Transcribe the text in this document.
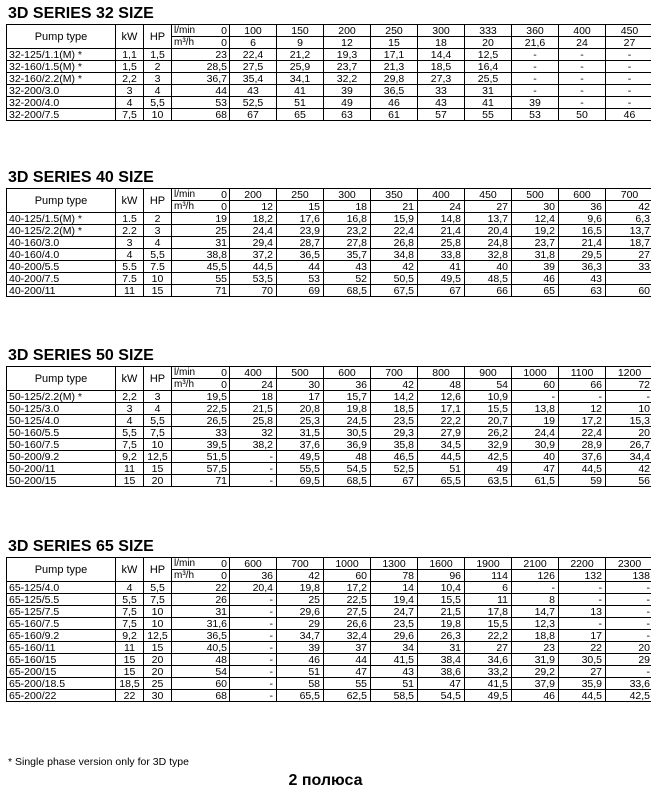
3D SERIES 32 SIZE
Pump type	kW	HP	l/min 0	100	150	200	250	300	333	360	400	450

			m³/h 0	6	9	12	15	18	20	21,6	24	27
32-125/1.1(M) *	1,1	1,5	23	22,4	21,2	19,3	17,1	14,4	12,5	-	-	-
32-160/1.5(M) *	1,5	2	28,5	27,5	25,9	23,7	21,3	18,5	16,4	-	-	-
32-160/2.2(M) *	2,2	3	36,7	35,4	34,1	32,2	29,8	27,3	25,5	-	-	-
32-200/3.0	3	4	44	43	41	39	36,5	33	31	-	-	-
32-200/4.0	4	5,5	53	52,5	51	49	46	43	41	39	-	-
32-200/7.5	7,5	10	68	67	65	63	61	57	55	53	50	46
3D SERIES 40 SIZE
Pump type	kW	HP	l/min 0	200	250	300	350	400	450	500	600	700

			m³/h 0	12	15	18	21	24	27	30	36	42
40-125/1.5(M) *	1.5	2	19	18,2	17,6	16,8	15,9	14,8	13,7	12,4	9,6	6,3
40-125/2.2(M) *	2.2	3	25	24,4	23,9	23,2	22,4	21,4	20,4	19,2	16,5	13,7
40-160/3.0	3	4	31	29,4	28,7	27,8	26,8	25,8	24,8	23,7	21,4	18,7
40-160/4.0	4	5,5	38,8	37,2	36,5	35,7	34,8	33,8	32,8	31,8	29,5	27
40-200/5.5	5.5	7.5	45,5	44,5	44	43	42	41	40	39	36,3	33
40-200/7.5	7.5	10	55	53,5	53	52	50,5	49,5	48,5	46	43	
40-200/11	11	15	71	70	69	68,5	67,5	67	66	65	63	60
3D SERIES 50 SIZE
Pump type	kW	HP	l/min 0	400	500	600	700	800	900	1000	1100	1200

			m³/h 0	24	30	36	42	48	54	60	66	72
50-125/2.2(M) *	2,2	3	19,5	18	17	15,7	14,2	12,6	10,9	-	-	-
50-125/3.0	3	4	22,5	21,5	20,8	19,8	18,5	17,1	15,5	13,8	12	10
50-125/4.0	4	5,5	26,5	25,8	25,3	24,5	23,5	22,2	20,7	19	17,2	15,3
50-160/5.5	5,5	7,5	33	32	31,5	30,5	29,3	27,9	26,2	24,4	22,4	20
50-160/7.5	7,5	10	39,5	38,2	37,6	36,9	35,8	34,5	32,9	30,9	28,9	26,7
50-200/9.2	9,2	12,5	51,5	-	49,5	48	46,5	44,5	42,5	40	37,6	34,4
50-200/11	11	15	57,5	-	55,5	54,5	52,5	51	49	47	44,5	42
50-200/15	15	20	71	-	69,5	68,5	67	65,5	63,5	61,5	59	56
3D SERIES 65 SIZE
Pump type	kW	HP	l/min 0	600	700	1000	1300	1600	1900	2100	2200	2300

			m³/h 0	36	42	60	78	96	114	126	132	138
65-125/4.0	4	5,5	22	20,4	19,8	17,2	14	10,4	6	-	-	-
65-125/5.5	5,5	7,5	26	-	25	22,5	19,4	15,5	11	8	-	-
65-125/7.5	7,5	10	31	-	29,6	27,5	24,7	21,5	17,8	14,7	13	-
65-160/7.5	7,5	10	31,6	-	29	26,6	23,5	19,8	15,5	12,3	-	-
65-160/9.2	9,2	12,5	36,5	-	34,7	32,4	29,6	26,3	22,2	18,8	17	-
65-160/11	11	15	40,5	-	39	37	34	31	27	23	22	20
65-160/15	15	20	48	-	46	44	41,5	38,4	34,6	31,9	30,5	29
65-200/15	15	20	54	-	51	47	43	38,6	33,2	29,2	27	-
65-200/18.5	18,5	25	60	-	58	55	51	47	41,5	37,9	35,9	33,6
65-200/22	22	30	68	-	65,5	62,5	58,5	54,5	49,5	46	44,5	42,5
* Single phase version only for 3D type
2 полюса
